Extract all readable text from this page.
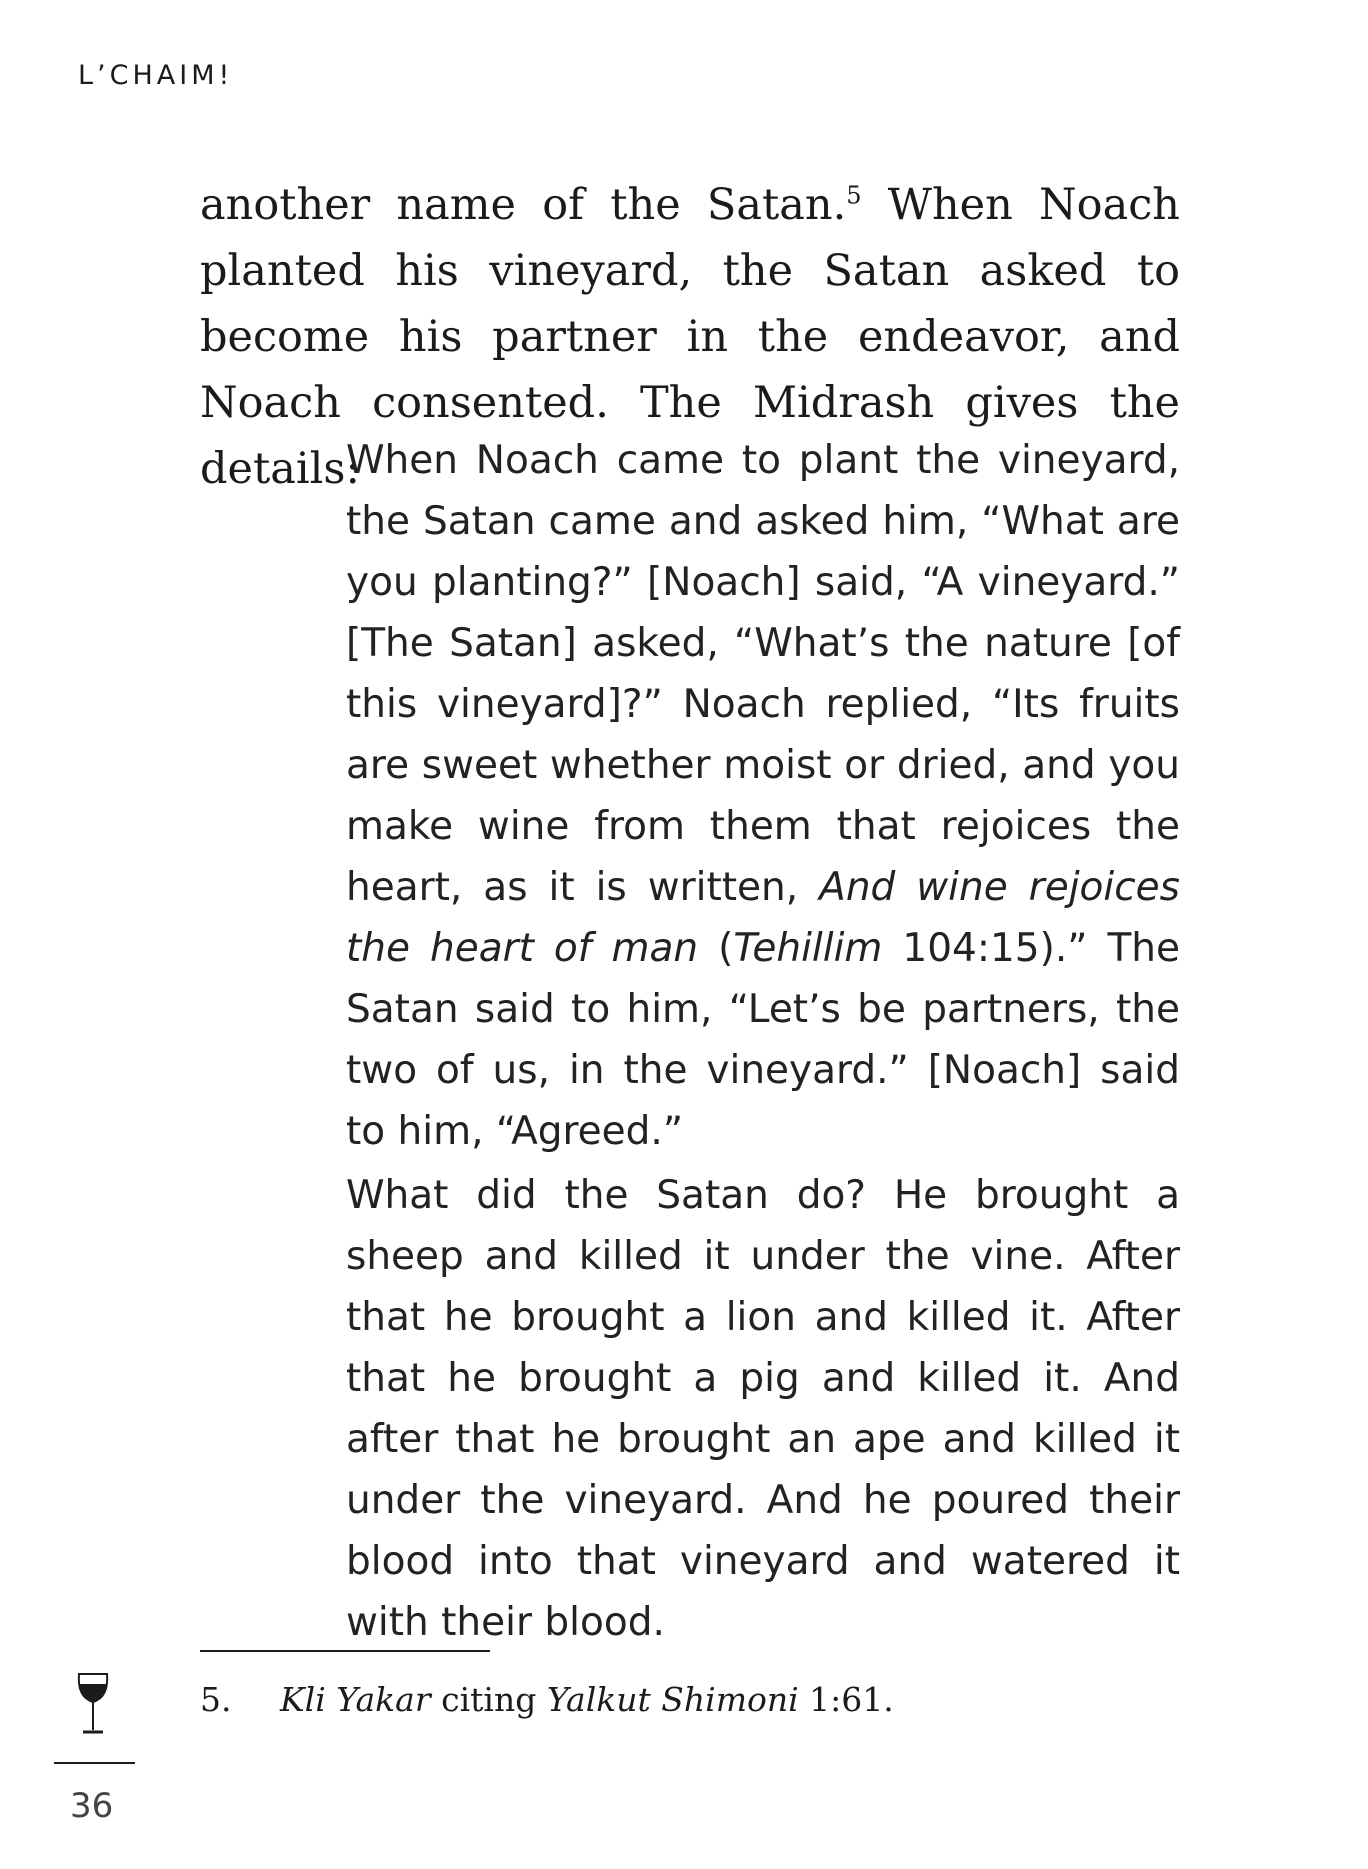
L’CHAIM!

another name of the Satan.$^5$ When Noach planted his vineyard, the Satan asked to become his partner in the endeavor, and Noach consented. The Midrash gives the details:

When Noach came to plant the vineyard, the Satan came and asked him, “What are you planting?” [Noach] said, “A vineyard.” [The Satan] asked, “What’s the nature [of this vineyard]?” Noach replied, “Its fruits are sweet whether moist or dried, and you make wine from them that rejoices the heart, as it is written, And wine rejoices the heart of man (Tehillim 104:15).” The Satan said to him, “Let’s be partners, the two of us, in the vineyard.” [Noach] said to him, “Agreed.”

What did the Satan do? He brought a sheep and killed it under the vine. After that he brought a lion and killed it. After that he brought a pig and killed it. And after that he brought an ape and killed it under the vineyard. And he poured their blood into that vineyard and watered it with their blood.

5. Kli Yakar citing Yalkut Shimoni 1:61.
36
